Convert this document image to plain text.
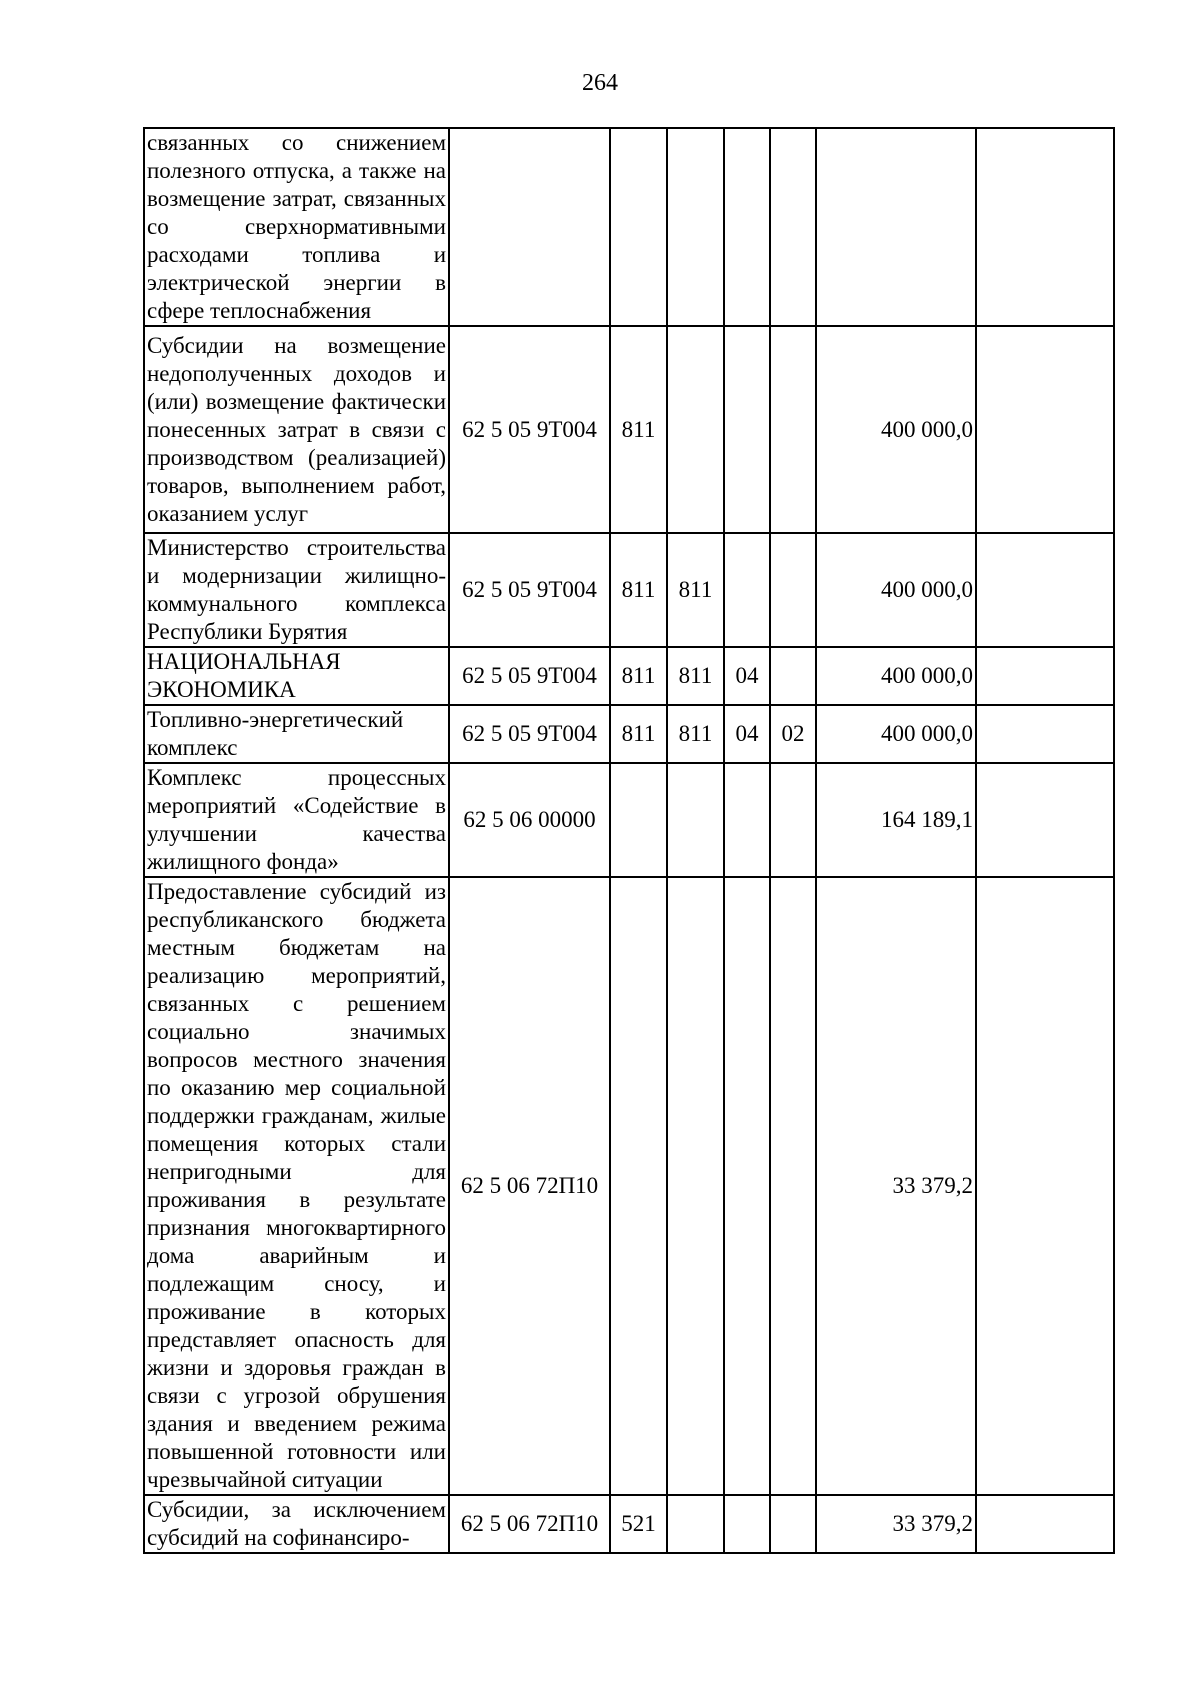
264
связанных со снижением полезного отпуска, а также на возмещение затрат, связанных со сверхнормативными расходами топлива и электрической энергии в сфере теплоснабжения							
Субсидии на возмещение недополученных доходов и (или) возмещение фактически понесенных затрат в связи с производством (реализацией) товаров, выполнением работ, оказанием услуг	62 5 05 9Т004	811				400 000,0	
Министерство строительства и модернизации жилищно-коммунального комплекса Республики Бурятия	62 5 05 9Т004	811	811			400 000,0	
НАЦИОНАЛЬНАЯ ЭКОНОМИКА	62 5 05 9Т004	811	811	04		400 000,0	
Топливно-энергетический комплекс	62 5 05 9Т004	811	811	04	02	400 000,0	
Комплекс процессных мероприятий «Содействие в улучшении качества жилищного фонда»	62 5 06 00000					164 189,1	
Предоставление субсидий из республиканского бюджета местным бюджетам на реализацию мероприятий, связанных с решением социально значимых вопросов местного значения по оказанию мер социальной поддержки гражданам, жилые помещения которых стали непригодными для проживания в результате признания многоквартирного дома аварийным и подлежащим сносу, и проживание в которых представляет опасность для жизни и здоровья граждан в связи с угрозой обрушения здания и введением режима повышенной готовности или чрезвычайной ситуации	62 5 06 72П10					33 379,2	
Субсидии, за исключением субсидий на софинансиро-	62 5 06 72П10	521				33 379,2	
